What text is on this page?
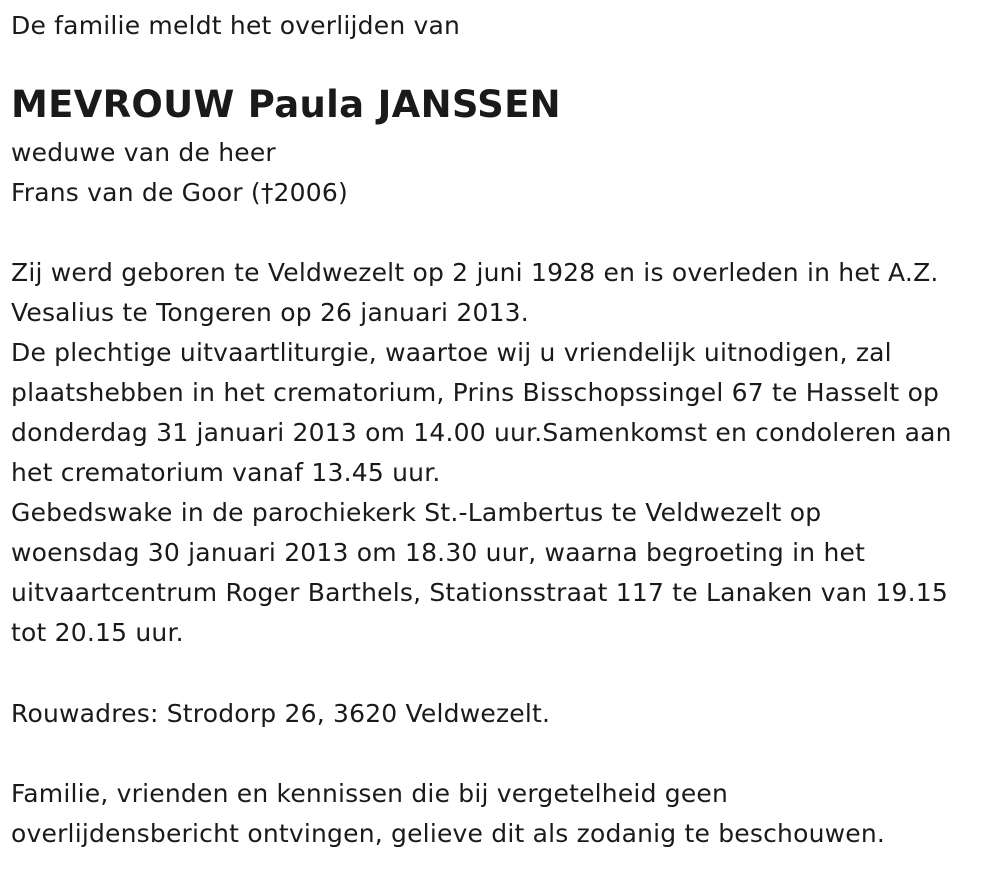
De familie meldt het overlijden van
MEVROUW Paula JANSSEN
weduwe van de heer
Frans van de Goor (†2006)
Zij werd geboren te Veldwezelt op 2 juni 1928 en is overleden in het A.Z.
Vesalius te Tongeren op 26 januari 2013.
De plechtige uitvaartliturgie, waartoe wij u vriendelijk uitnodigen, zal
plaatshebben in het crematorium, Prins Bisschopssingel 67 te Hasselt op
donderdag 31 januari 2013 om 14.00 uur.Samenkomst en condoleren aan
het crematorium vanaf 13.45 uur.
Gebedswake in de parochiekerk St.-Lambertus te Veldwezelt op
woensdag 30 januari 2013 om 18.30 uur, waarna begroeting in het
uitvaartcentrum Roger Barthels, Stationsstraat 117 te Lanaken van 19.15
tot 20.15 uur.
Rouwadres: Strodorp 26, 3620 Veldwezelt.
Familie, vrienden en kennissen die bij vergetelheid geen
overlijdensbericht ontvingen, gelieve dit als zodanig te beschouwen.
